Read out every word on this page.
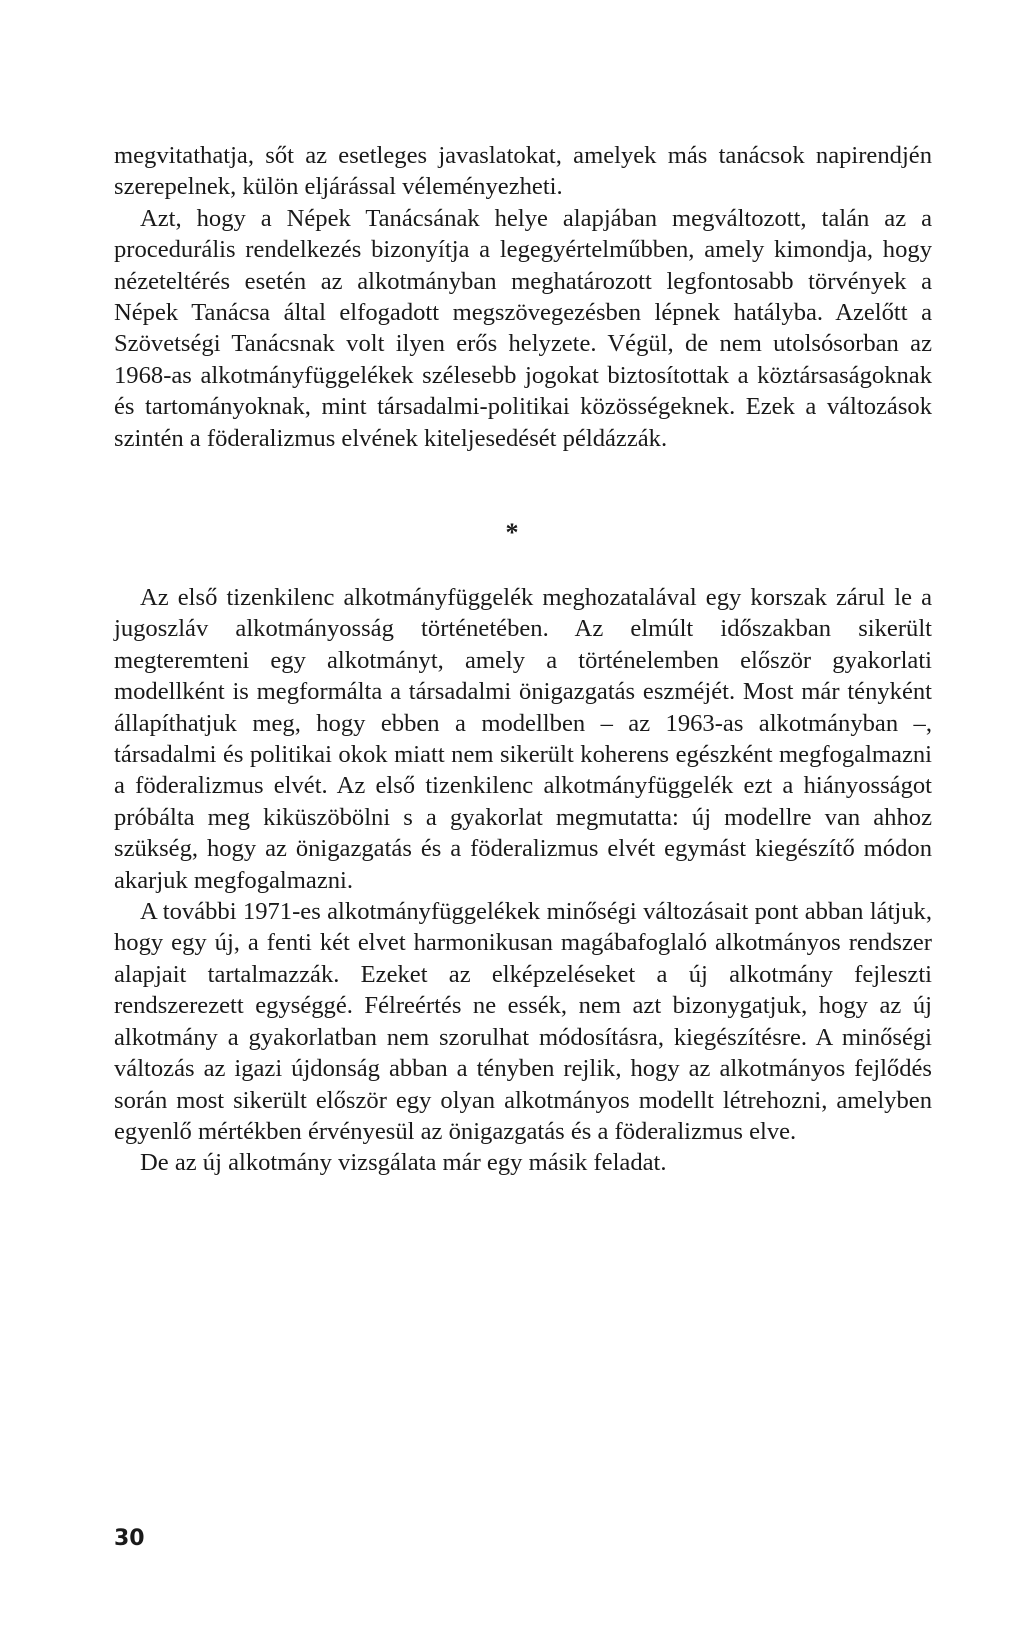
megvitathatja, sőt az esetleges javaslatokat, amelyek más tanácsok napirendjén szerepelnek, külön eljárással véleményezheti.

Azt, hogy a Népek Tanácsának helye alapjában megváltozott, talán az a procedurális rendelkezés bizonyítja a legegyértelműbben, amely kimondja, hogy nézeteltérés esetén az alkotmányban meghatározott legfontosabb törvények a Népek Tanácsa által elfogadott megszövegezésben lépnek hatályba. Azelőtt a Szövetségi Tanácsnak volt ilyen erős helyzete. Végül, de nem utolsósorban az 1968-as alkotmányfüggelékek szélesebb jogokat biztosítottak a köztársaságoknak és tartományoknak, mint társadalmi-politikai közösségeknek. Ezek a változások szintén a föderalizmus elvének kiteljesedését példázzák.

*

Az első tizenkilenc alkotmányfüggelék meghozatalával egy korszak zárul le a jugoszláv alkotmányosság történetében. Az elmúlt időszakban sikerült megteremteni egy alkotmányt, amely a történelemben először gyakorlati modellként is megformálta a társadalmi önigazgatás eszméjét. Most már tényként állapíthatjuk meg, hogy ebben a modellben – az 1963-as alkotmányban –, társadalmi és politikai okok miatt nem sikerült koherens egészként megfogalmazni a föderalizmus elvét. Az első tizenkilenc alkotmányfüggelék ezt a hiányosságot próbálta meg kiküszöbölni s a gyakorlat megmutatta: új modellre van ahhoz szükség, hogy az önigazgatás és a föderalizmus elvét egymást kiegészítő módon akarjuk megfogalmazni.

A további 1971-es alkotmányfüggelékek minőségi változásait pont abban látjuk, hogy egy új, a fenti két elvet harmonikusan magábafoglaló alkotmányos rendszer alapjait tartalmazzák. Ezeket az elképzeléseket a új alkotmány fejleszti rendszerezett egységgé. Félreértés ne essék, nem azt bizonygatjuk, hogy az új alkotmány a gyakorlatban nem szorulhat módosításra, kiegészítésre. A minőségi változás az igazi újdonság abban a tényben rejlik, hogy az alkotmányos fejlődés során most sikerült először egy olyan alkotmányos modellt létrehozni, amelyben egyenlő mértékben érvényesül az önigazgatás és a föderalizmus elve.

De az új alkotmány vizsgálata már egy másik feladat.

30
